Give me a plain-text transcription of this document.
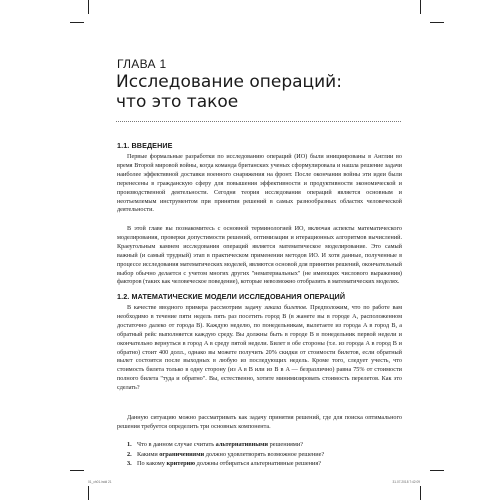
ГЛАВА 1
Исследование операций:
что это такое
1.1. ВВЕДЕНИЕ

Первые формальные разработки по исследованию операций (ИО) были инициированы в Англии во время Второй мировой войны, когда команда британских ученых сформулировала и нашла решение задачи наиболее эффективной доставки военного снаряжения на фронт. После окончания войны эти идеи были перенесены в гражданскую сферу для повышения эффективности и продуктивности экономической и производственной деятельности. Сегодня теория исследования операций является основным и неотъемлемым инструментом при принятии решений в самых разнообразных областях человеческой деятельности.

В этой главе вы познакомитесь с основной терминологией ИО, включая аспекты математического моделирования, проверки допустимости решений, оптимизации и итерационных алгоритмов вычислений. Краеугольным камнем исследования операций является математическое моделирование. Это самый важный (и самый трудный) этап в практическом применении методов ИО. И хотя данные, полученные в процессе исследования математических моделей, являются основой для принятия решений, окончательный выбор обычно делается с учетом многих других "нематериальных" (не имеющих числового выражения) факторов (таких как человеческое поведение), которые невозможно отобразить в математических моделях.

1.2. МАТЕМАТИЧЕСКИЕ МОДЕЛИ ИССЛЕДОВАНИЯ ОПЕРАЦИЙ

В качестве вводного примера рассмотрим задачу заказа билетов. Предположим, что по работе вам необходимо в течение пяти недель пять раз посетить город B (в жанете вы в городе A, расположенном достаточно далеко от города B). Каждую неделю, по понедельникам, вылетаете из города A в город B, а обратный рейс выполняется каждую среду. Вы должны быть в городе B в понедельник первой недели и окончательно вернуться в город A в среду пятой недели. Билет в обе стороны (т.е. из города A в город B и обратно) стоит 400 долл., однако вы можете получить 20% скидки от стоимости билетов, если обратный вылет состоится после выходных в любую из последующих недель. Кроме того, следует учесть, что стоимость билета только в одну сторону (из A в B или из B в A — безразлично) равна 75% от стоимости полного билета "туда и обратно". Вы, естественно, хотите минимизировать стоимость перелетов. Как это сделать?

Данную ситуацию можно рассматривать как задачу принятия решений, где для поиска оптимального решения требуется определить три основных компонента.

1. Что в данном случае считать альтернативными решениями?
2. Какими ограничениями должно удовлетворять возможное решение?
3. По какому критерию должны отбираться альтернативные решения?
01_ch01.indd 21	31.07.2018 7:42:09
